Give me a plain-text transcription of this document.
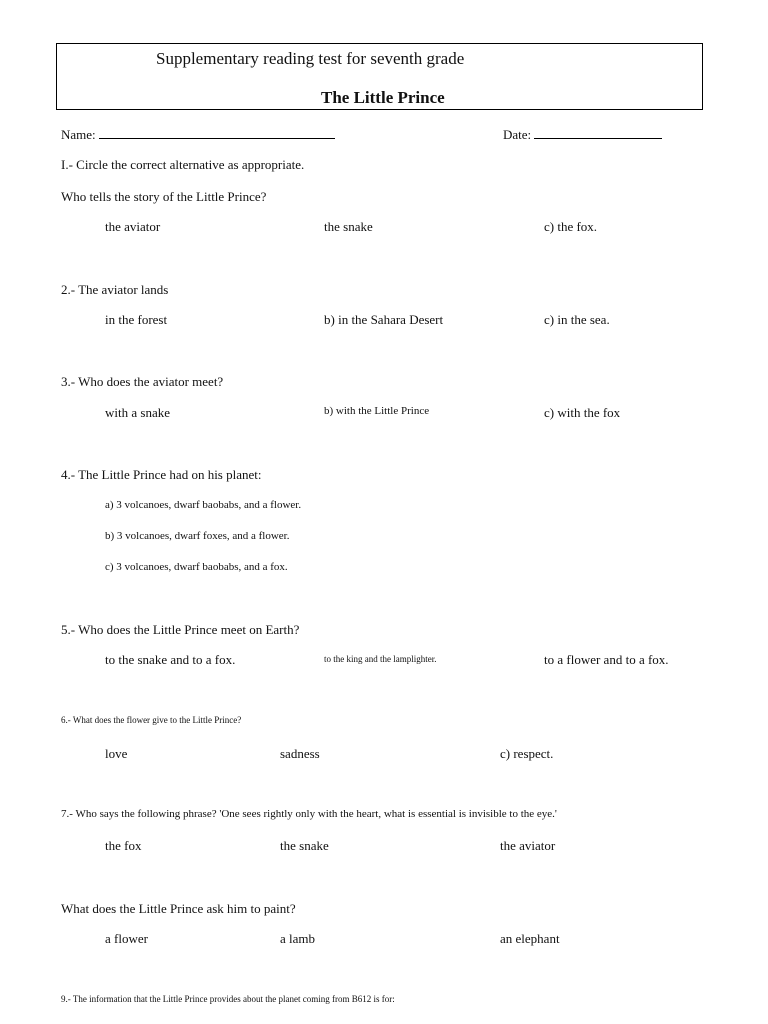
Supplementary reading test for seventh grade
The Little Prince
Name:	Date:
I.- Circle the correct alternative as appropriate.
Who tells the story of the Little Prince?
the aviator	the snake	c) the fox.
2.- The aviator lands
in the forest	b) in the Sahara Desert	c) in the sea.
3.- Who does the aviator meet?
with a snake	b) with the Little Prince	c) with the fox
4.- The Little Prince had on his planet:
a) 3 volcanoes, dwarf baobabs, and a flower.
b) 3 volcanoes, dwarf foxes, and a flower.
c) 3 volcanoes, dwarf baobabs, and a fox.
5.- Who does the Little Prince meet on Earth?
to the snake and to a fox.	to the king and the lamplighter.	to a flower and to a fox.
6.- What does the flower give to the Little Prince?
love	sadness	c) respect.
7.- Who says the following phrase? 'One sees rightly only with the heart, what is essential is invisible to the eye.'
the fox	the snake	the aviator
What does the Little Prince ask him to paint?
a flower	a lamb	an elephant
9.- The information that the Little Prince provides about the planet coming from B612 is for:
